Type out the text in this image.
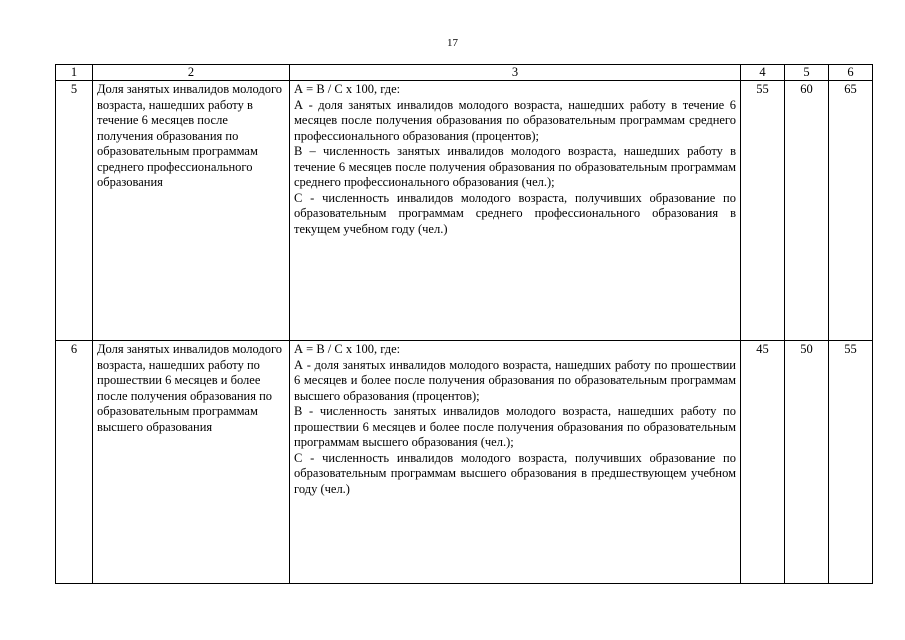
17
1	2	3	4	5	6
5	Доля занятых инвалидов молодого возраста, нашедших работу в течение 6 месяцев после получения образования по образовательным программам среднего профессионального образования	А = В / С х 100, где:
А - доля занятых инвалидов молодого возраста, нашедших работу в течение 6 месяцев после получения образования по образовательным программам среднего профессионального образования (процентов);
В – численность занятых инвалидов молодого возраста, нашедших работу в течение 6 месяцев после получения образования по образовательным программам среднего профессионального образования (чел.);
С - численность инвалидов молодого возраста, получивших образование по образовательным программам среднего профессионального образования в текущем учебном году (чел.)	55	60	65
6	Доля занятых инвалидов молодого возраста, нашедших работу по прошествии 6 месяцев и более после получения образования по образовательным программам высшего образования	А = В / С х 100, где:
А - доля занятых инвалидов молодого возраста, нашедших работу по прошествии 6 месяцев и более после получения образования по образовательным программам высшего образования (процентов);
В - численность занятых инвалидов молодого возраста, нашедших работу по прошествии 6 месяцев и более после получения образования по образовательным программам высшего образования (чел.);
С - численность инвалидов молодого возраста, получивших образование по образовательным программам высшего образования в предшествующем учебном году (чел.)	45	50	55
